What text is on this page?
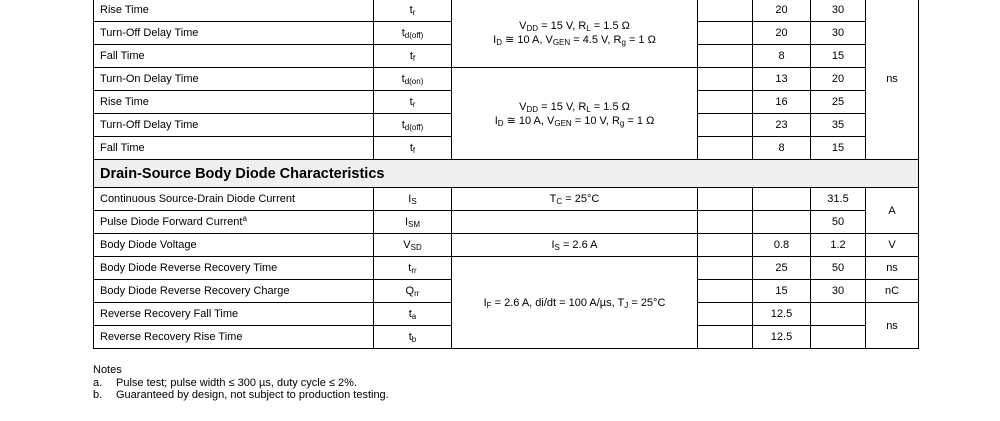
Rise Time	$t_r$	$V_{DD} = 15$ V, $R_L = 1.5$ Ω
$I_D$ ≅ 10 A, $V_{GEN} = 4.5$ V, $R_g = 1$ Ω		20	30	ns
Turn-Off Delay Time	$t_{d(off)}$			20	30	
Fall Time	$t_f$			8	15	
Turn-On Delay Time	$t_{d(on)}$	$V_{DD} = 15$ V, $R_L = 1.5$ Ω
$I_D$ ≅ 10 A, $V_{GEN} = 10$ V, $R_g = 1$ Ω		13	20	
Rise Time	$t_r$			16	25	
Turn-Off Delay Time	$t_{d(off)}$			23	35	
Fall Time	$t_f$			8	15	
Drain-Source Body Diode Characteristics						
Continuous Source-Drain Diode Current	$I_S$	$T_C = 25^\circ C$			31.5	A
Pulse Diode Forward Current$^a$	$I_{SM}$				50	
Body Diode Voltage	$V_{SD}$	$I_S = 2.6$ A		0.8	1.2	V
Body Diode Reverse Recovery Time	$t_{rr}$	$I_F = 2.6$ A, di/dt = 100 A/µs, $T_J = 25^\circ C$		25	50	ns
Body Diode Reverse Recovery Charge	$Q_{rr}$			15	30	nC
Reverse Recovery Fall Time	$t_a$			12.5		ns
Reverse Recovery Rise Time	$t_b$			12.5		
Notes
a.	Pulse test; pulse width ≤ 300 µs, duty cycle ≤ 2%.
b.	Guaranteed by design, not subject to production testing.
